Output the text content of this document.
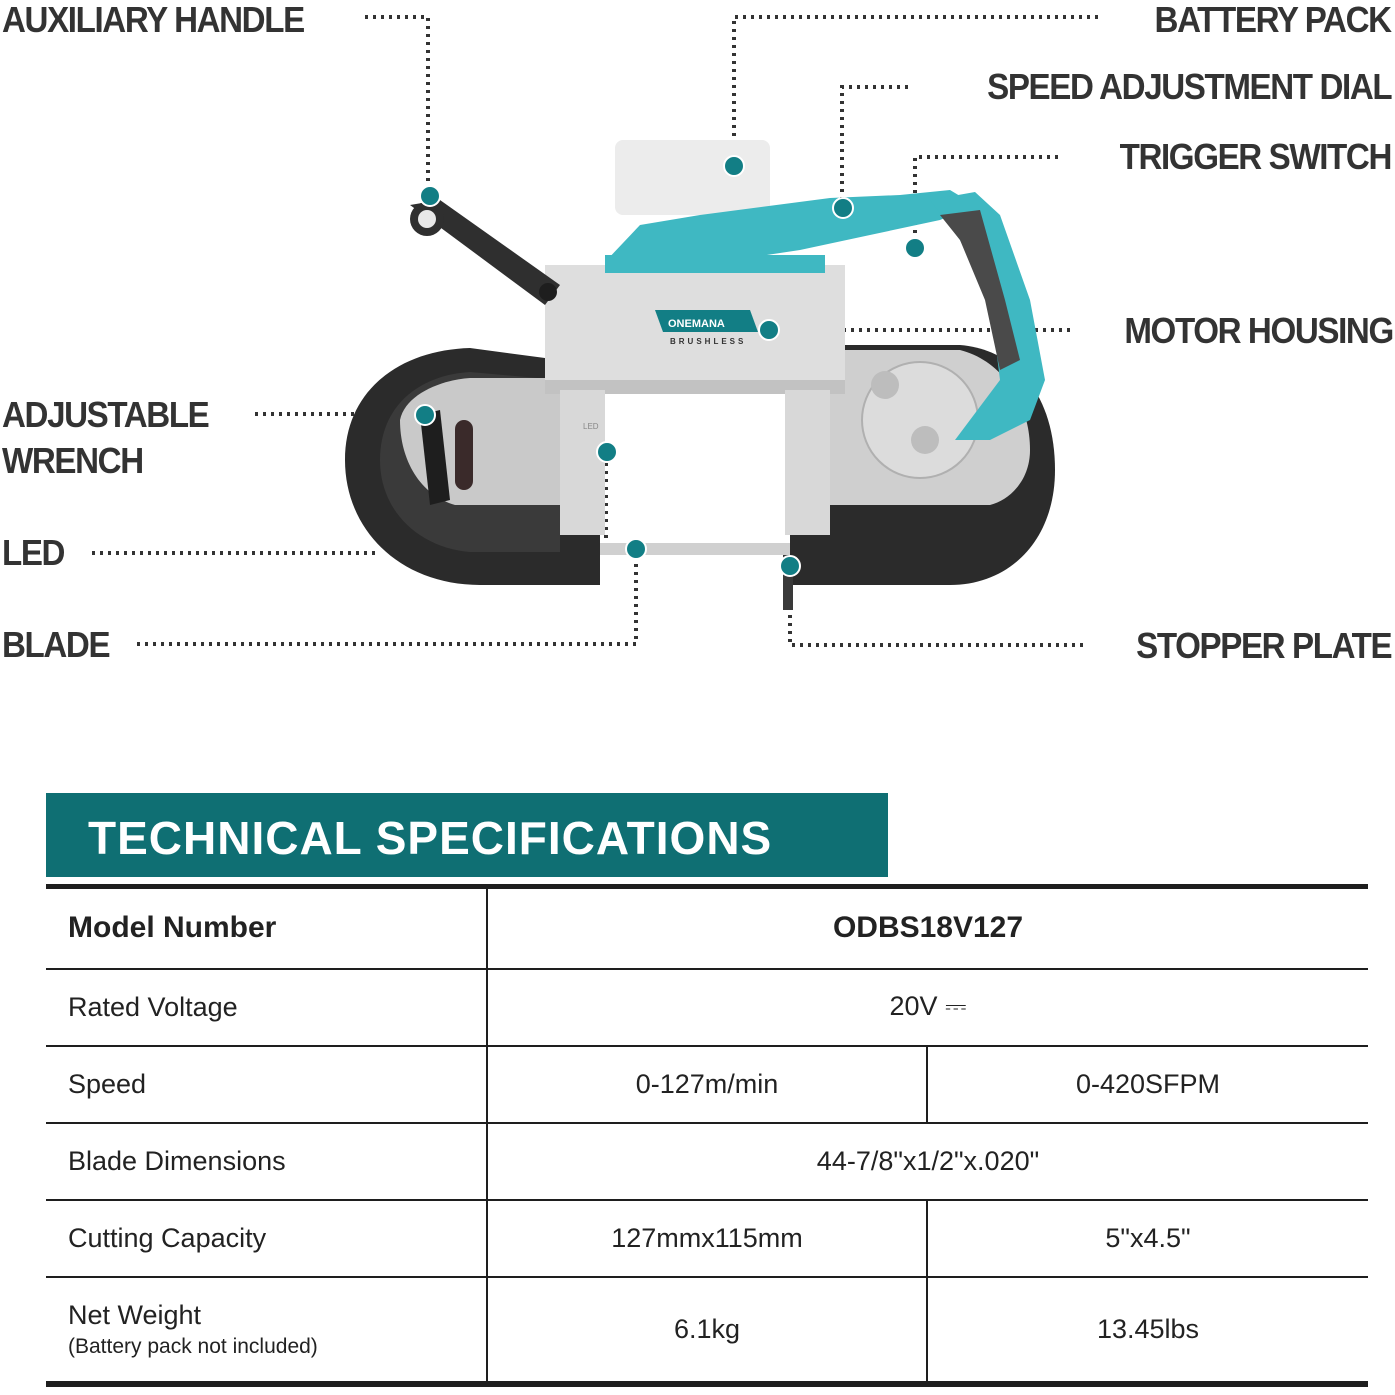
ONEMANA
BRUSHLESS
LED
AUXILIARY HANDLE	BATTERY PACK
SPEED ADJUSTMENT DIAL
TRIGGER SWITCH
MOTOR HOUSING
ADJUSTABLE
WRENCH
LED
BLADE	STOPPER PLATE
TECHNICAL SPECIFICATIONS
Model Number	ODBS18V127	
Rated Voltage	20V ⎓	
Speed	0-127m/min	0-420SFPM
Blade Dimensions	44-7/8"x1/2"x.020"	
Cutting Capacity	127mmx115mm	5"x4.5"
Net Weight
(Battery pack not included)	6.1kg	13.45lbs
